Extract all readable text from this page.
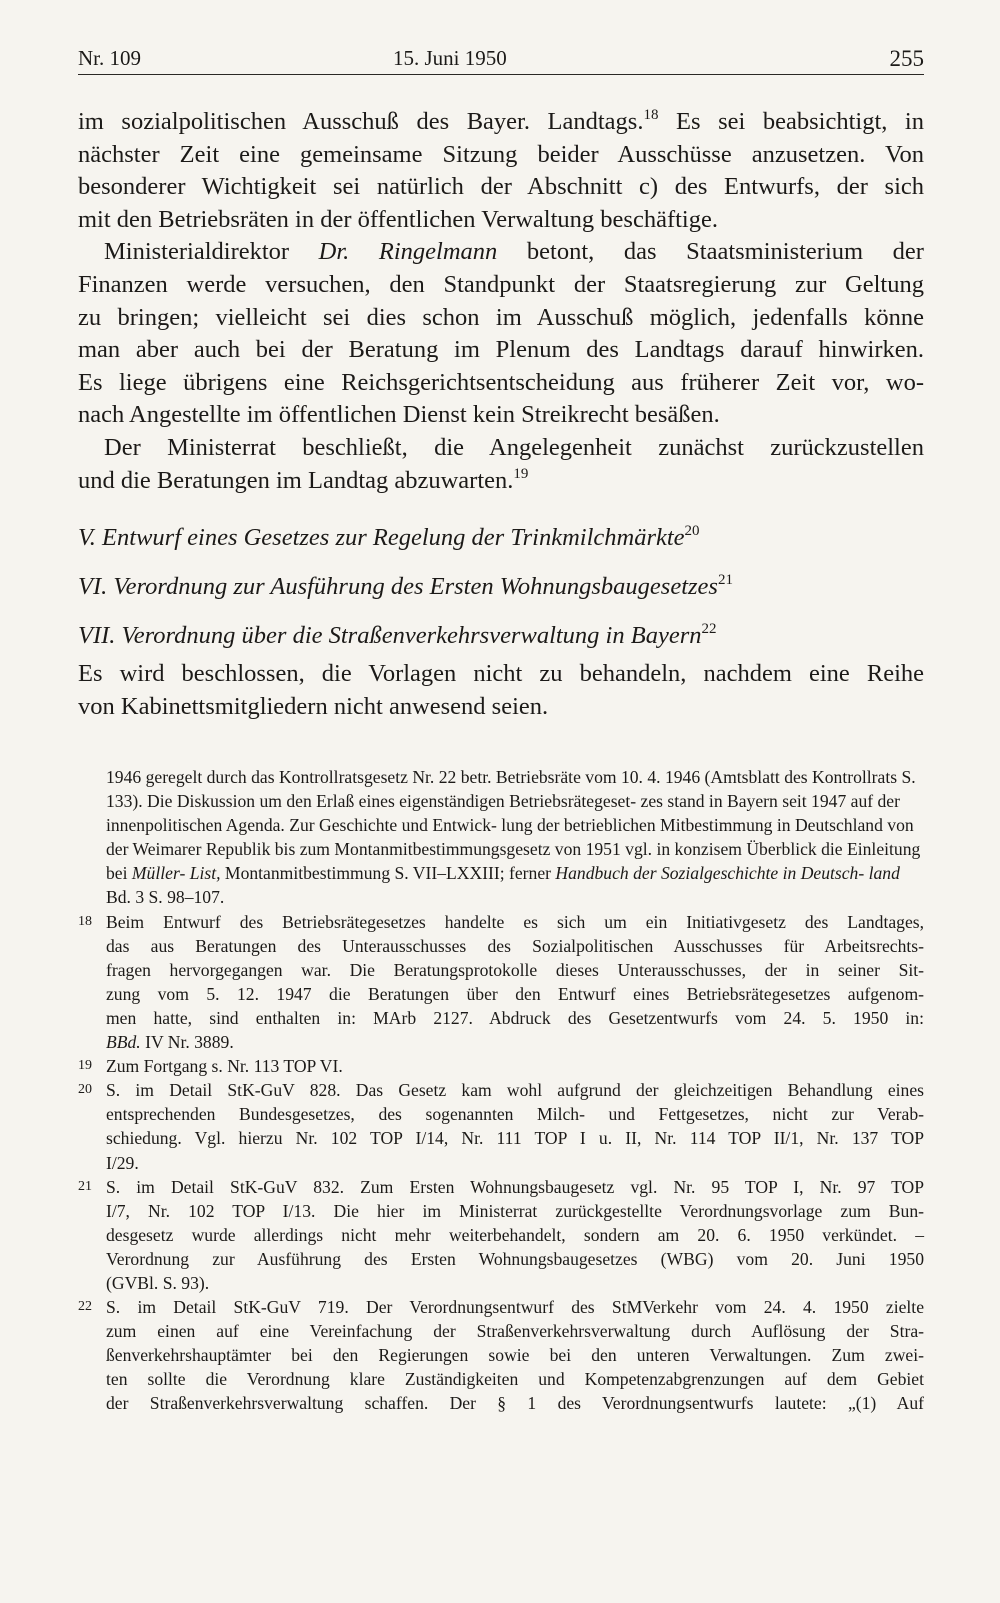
Nr. 109	15. Juni 1950	255

im sozialpolitischen Ausschuß des Bayer. Landtags.$^{18}$ Es sei beabsichtigt, in
nächster Zeit eine gemeinsame Sitzung beider Ausschüsse anzusetzen. Von
besonderer Wichtigkeit sei natürlich der Abschnitt c) des Entwurfs, der sich
mit den Betriebsräten in der öffentlichen Verwaltung beschäftige.

Ministerialdirektor Dr. Ringelmann betont, das Staatsministerium der
Finanzen werde versuchen, den Standpunkt der Staatsregierung zur Geltung
zu bringen; vielleicht sei dies schon im Ausschuß möglich, jedenfalls könne
man aber auch bei der Beratung im Plenum des Landtags darauf hinwirken.
Es liege übrigens eine Reichsgerichtsentscheidung aus früherer Zeit vor, wo-
nach Angestellte im öffentlichen Dienst kein Streikrecht besäßen.

Der Ministerrat beschließt, die Angelegenheit zunächst zurückzustellen
und die Beratungen im Landtag abzuwarten.$^{19}$

V. Entwurf eines Gesetzes zur Regelung der Trinkmilchmärkte$^{20}$

VI. Verordnung zur Ausführung des Ersten Wohnungsbaugesetzes$^{21}$

VII. Verordnung über die Straßenverkehrsverwaltung in Bayern$^{22}$

Es wird beschlossen, die Vorlagen nicht zu behandeln, nachdem eine Reihe
von Kabinettsmitgliedern nicht anwesend seien.

1946 geregelt durch das Kontrollratsgesetz Nr. 22 betr. Betriebsräte vom 10. 4. 1946 (Amtsblatt des Kontrollrats S. 133). Die Diskussion um den Erlaß eines eigenständigen Betriebsrätegeset- zes stand in Bayern seit 1947 auf der innenpolitischen Agenda. Zur Geschichte und Entwick- lung der betrieblichen Mitbestimmung in Deutschland von der Weimarer Republik bis zum Montanmitbestimmungsgesetz von 1951 vgl. in konzisem Überblick die Einleitung bei Müller- List, Montanmitbestimmung S. VII–LXXIII; ferner Handbuch der Sozialgeschichte in Deutsch- land Bd. 3 S. 98–107.
18 Beim Entwurf des Betriebsrätegesetzes handelte es sich um ein Initiativgesetz des Landtages,
das aus Beratungen des Unterausschusses des Sozialpolitischen Ausschusses für Arbeitsrechts-
fragen hervorgegangen war. Die Beratungsprotokolle dieses Unterausschusses, der in seiner Sit-
zung vom 5. 12. 1947 die Beratungen über den Entwurf eines Betriebsrätegesetzes aufgenom-
men hatte, sind enthalten in: MArb 2127. Abdruck des Gesetzentwurfs vom 24. 5. 1950 in:
BBd. IV Nr. 3889.
19 Zum Fortgang s. Nr. 113 TOP VI.
20 S. im Detail StK-GuV 828. Das Gesetz kam wohl aufgrund der gleichzeitigen Behandlung eines
entsprechenden Bundesgesetzes, des sogenannten Milch- und Fettgesetzes, nicht zur Verab-
schiedung. Vgl. hierzu Nr. 102 TOP I/14, Nr. 111 TOP I u. II, Nr. 114 TOP II/1, Nr. 137 TOP
I/29.
21 S. im Detail StK-GuV 832. Zum Ersten Wohnungsbaugesetz vgl. Nr. 95 TOP I, Nr. 97 TOP
I/7, Nr. 102 TOP I/13. Die hier im Ministerrat zurückgestellte Verordnungsvorlage zum Bun-
desgesetz wurde allerdings nicht mehr weiterbehandelt, sondern am 20. 6. 1950 verkündet. –
Verordnung zur Ausführung des Ersten Wohnungsbaugesetzes (WBG) vom 20. Juni 1950
(GVBl. S. 93).
22 S. im Detail StK-GuV 719. Der Verordnungsentwurf des StMVerkehr vom 24. 4. 1950 zielte
zum einen auf eine Vereinfachung der Straßenverkehrsverwaltung durch Auflösung der Stra-
ßenverkehrshauptämter bei den Regierungen sowie bei den unteren Verwaltungen. Zum zwei-
ten sollte die Verordnung klare Zuständigkeiten und Kompetenzabgrenzungen auf dem Gebiet
der Straßenverkehrsverwaltung schaffen. Der § 1 des Verordnungsentwurfs lautete: „(1) Auf
